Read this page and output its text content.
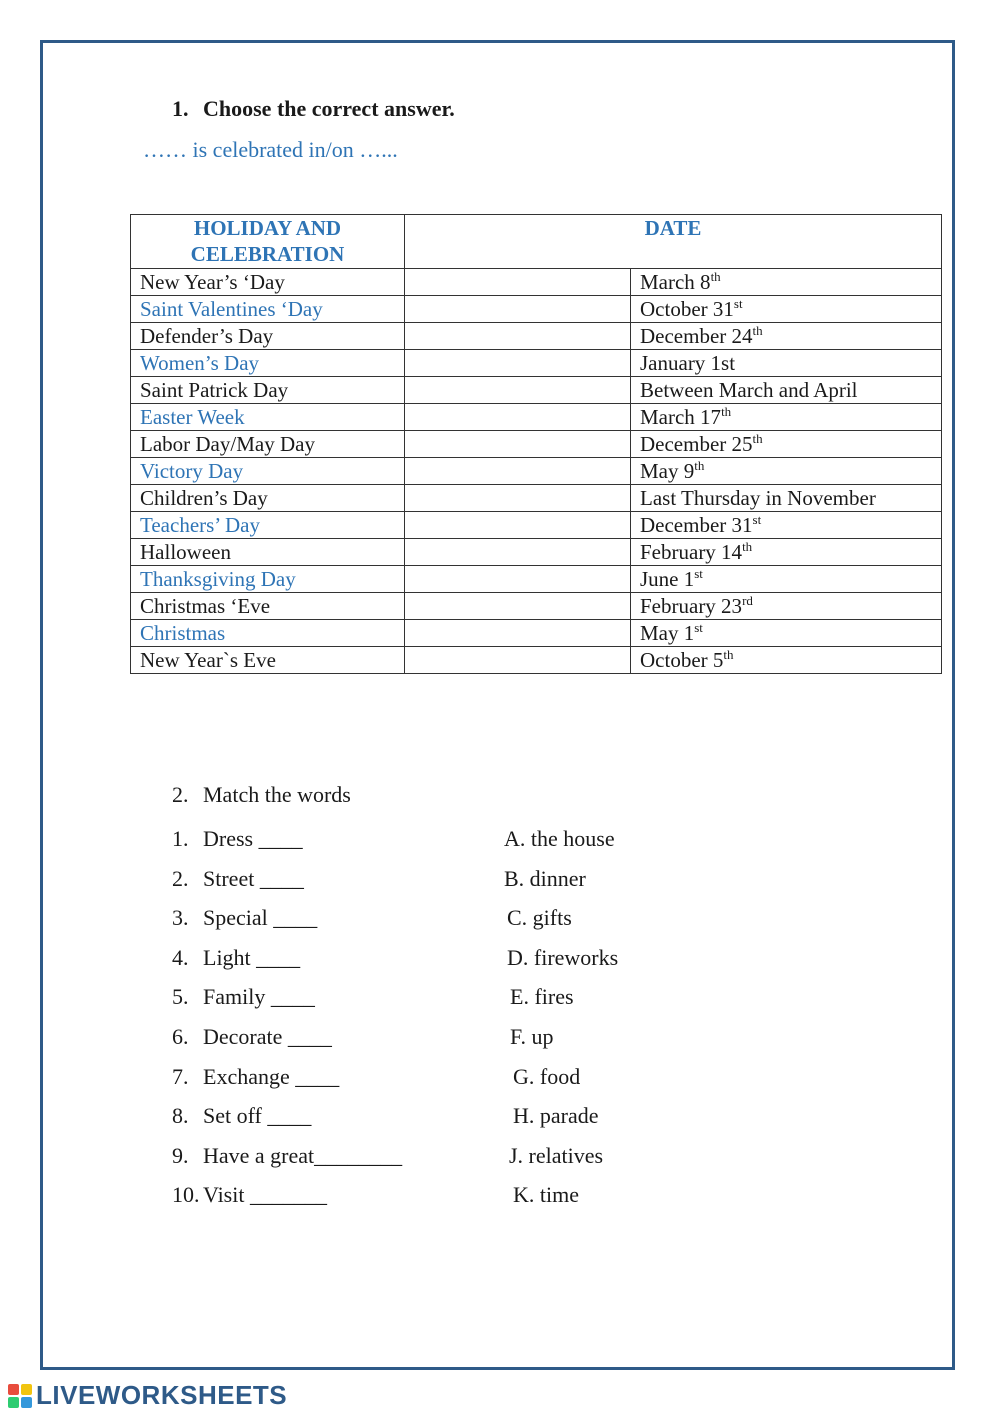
1. Choose the correct answer.
…… is celebrated in/on …...
HOLIDAY AND CELEBRATION	DATE	
New Year’s ‘Day		March 8th
Saint Valentines ‘Day		October 31st
Defender’s Day		December 24th
Women’s Day		January 1st
Saint Patrick Day		Between March and April
Easter Week		March 17th
Labor Day/May Day		December 25th
Victory Day		May 9th
Children’s Day		Last Thursday in November
Teachers’ Day		December 31st
Halloween		February 14th
Thanksgiving Day		June 1st
Christmas ‘Eve		February 23rd
Christmas		May 1st
New Year`s Eve		October 5th
2. Match the words
1. Dress ____	A. the house
2. Street ____	B. dinner
3. Special ____	C. gifts
4. Light ____	D. fireworks
5. Family ____	E. fires
6. Decorate ____	F. up
7. Exchange ____	G. food
8. Set off ____	H. parade
9. Have a great________	J. relatives
10. Visit _______	K. time
LIVEWORKSHEETS
